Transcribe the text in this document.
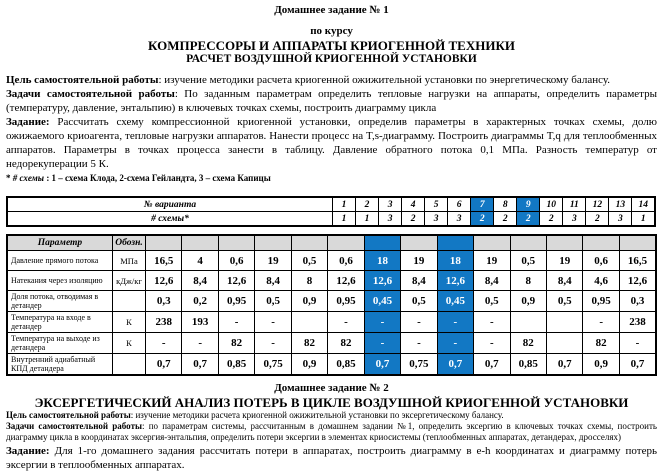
Домашнее задание № 1
по курсу
КОМПРЕССОРЫ И АППАРАТЫ КРИОГЕННОЙ ТЕХНИКИ
РАСЧЕТ ВОЗДУШНОЙ КРИОГЕННОЙ УСТАНОВКИ

Цель самостоятельной работы: изучение методики расчета криогенной ожижительной установки по энергетическому балансу.

Задачи самостоятельной работы: По заданным параметрам определить тепловые нагрузки на аппараты, определить параметры (температуру, давление, энтальпию) в ключевых точках схемы, построить диаграмму цикла

Задание: Рассчитать схему компрессионной криогенной установки, определив параметры в характерных точках схемы, долю ожижаемого криоагента, тепловые нагрузки аппаратов. Нанести процесс на T,s-диаграмму. Построить диаграммы T,q для теплообменных аппаратов. Параметры в точках процесса занести в таблицу. Давление обратного потока 0,1 МПа. Разность температур от недорекуперации 5 К.

* # схемы : 1 – схема Клода, 2-схема Гейландта, 3 – схема Капицы

№ варианта	1	2	3	4	5	6	7	8	9	10	11	12	13	14
# схемы*	1	1	3	2	3	3	2	2	2	2	3	2	3	1
Параметр	Обозн.														
Давление прямого потока	МПа	16,5	4	0,6	19	0,5	0,6	18	19	18	19	0,5	19	0,6	16,5
Натекания через изоляцию	кДж/кг	12,6	8,4	12,6	8,4	8	12,6	12,6	8,4	12,6	8,4	8	8,4	4,6	12,6
Доля потока, отводимая в детандер		0,3	0,2	0,95	0,5	0,9	0,95	0,45	0,5	0,45	0,5	0,9	0,5	0,95	0,3
Температура на входе в детандер	К	238	193	-	-		-	-	-	-	-			-	238
Температура на выходе из детандера	К	-	-	82	-	82	82	-	-	-	-	82		82	-
Внутренний адиабатный КПД детандера		0,7	0,7	0,85	0,75	0,9	0,85	0,7	0,75	0,7	0,7	0,85	0,7	0,9	0,7
Домашнее задание № 2
ЭКСЕРГЕТИЧЕСКИЙ АНАЛИЗ ПОТЕРЬ В ЦИКЛЕ ВОЗДУШНОЙ КРИОГЕННОЙ УСТАНОВКИ

Цель самостоятельной работы: изучение методики расчета криогенной ожижительной установки по эксергетическому балансу.

Задачи самостоятельной работы: по параметрам системы, рассчитанным в домашнем задании №1, определить эксергию в ключевых точках схемы, построить диаграмму цикла в координатах эксергия-энтальпия, определить потери эксергии в элементах криосистемы (теплообменных аппаратах, детандерах, дросселях)

Задание: Для 1-го домашнего задания рассчитать потери в аппаратах, построить диаграмму в e-h координатах и диаграмму потерь эксергии в теплообменных аппаратах.
